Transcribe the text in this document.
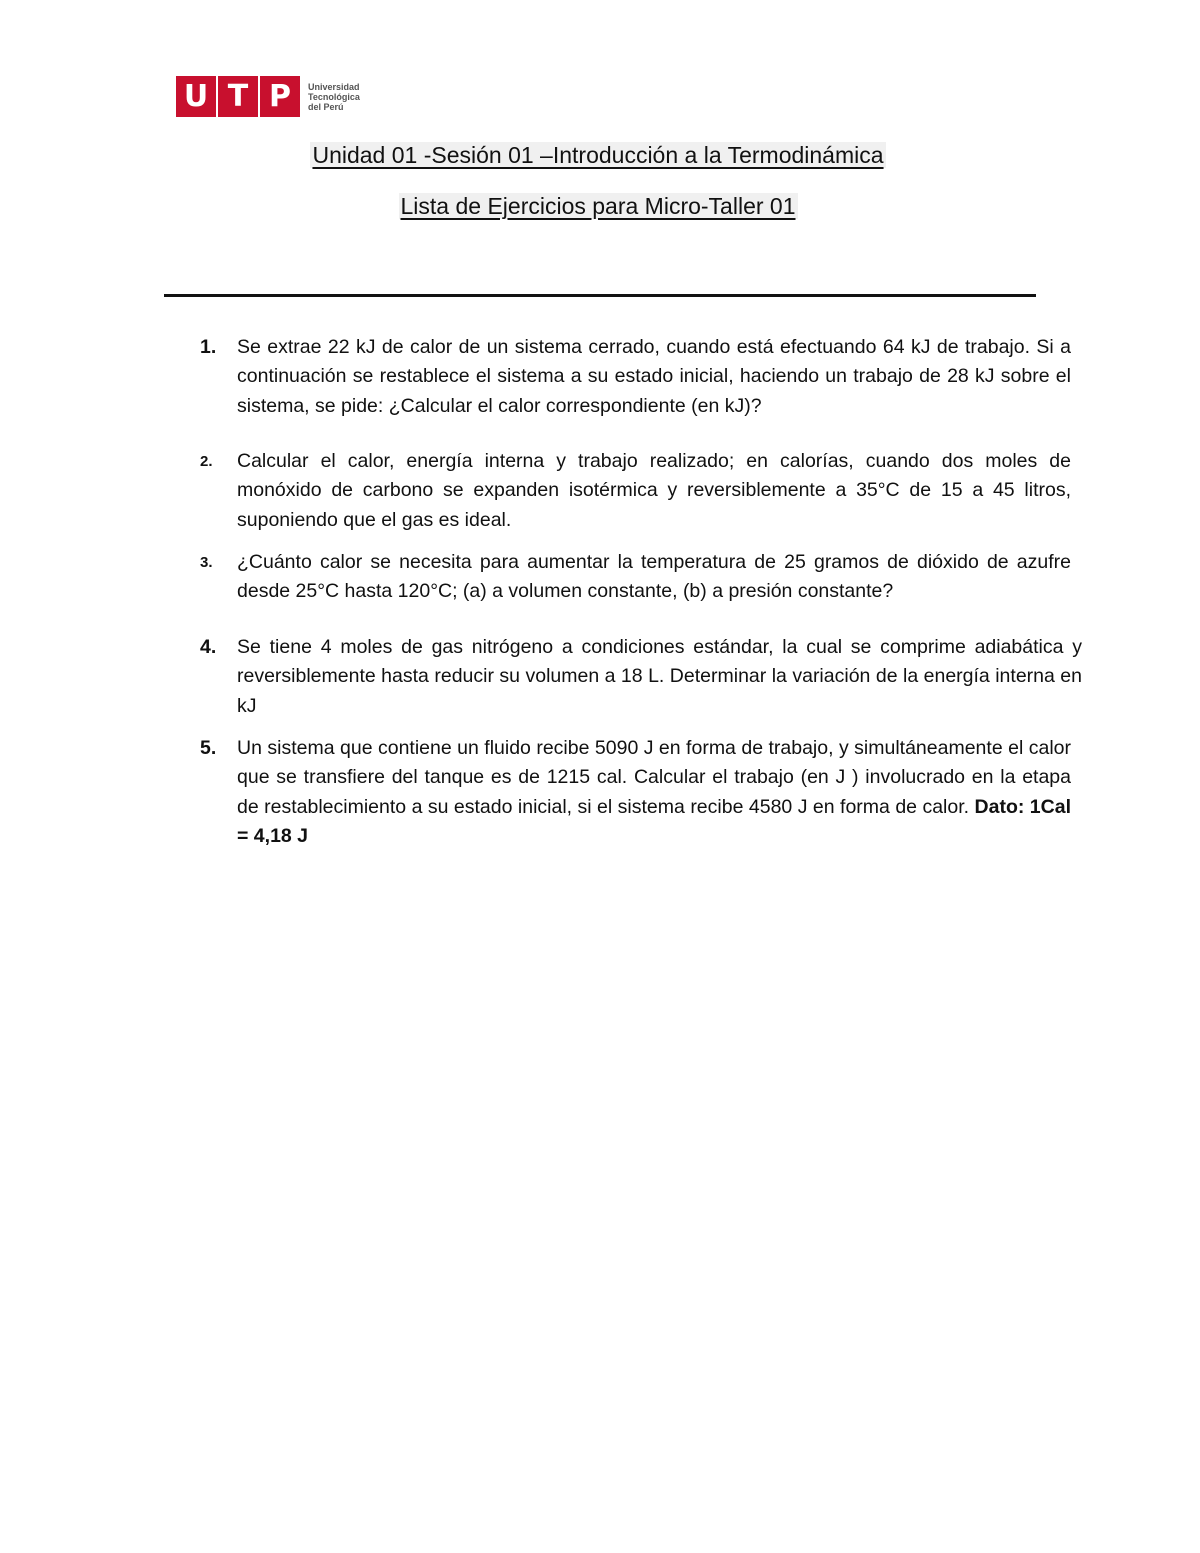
U T P	Universidad
Tecnológica
del Perú
Unidad 01 -Sesión 01 –Introducción a la Termodinámica
Lista de Ejercicios para Micro-Taller 01
1.	Se extrae 22 kJ de calor de un sistema cerrado, cuando está efectuando 64 kJ de trabajo. Si a continuación se restablece el sistema a su estado inicial, haciendo un trabajo de 28 kJ sobre el sistema, se pide: ¿Calcular el calor correspondiente (en kJ)?
2.	Calcular el calor, energía interna y trabajo realizado; en calorías, cuando dos moles de monóxido de carbono se expanden isotérmica y reversiblemente a 35°C de 15 a 45 litros, suponiendo que el gas es ideal.
3.	¿Cuánto calor se necesita para aumentar la temperatura de 25 gramos de dióxido de azufre desde 25°C hasta 120°C; (a) a volumen constante, (b) a presión constante?
4.	Se tiene 4 moles de gas nitrógeno a condiciones estándar, la cual se comprime adiabática y reversiblemente hasta reducir su volumen a 18 L. Determinar la variación de la energía interna en kJ
5.	Un sistema que contiene un fluido recibe 5090 J en forma de trabajo, y simultáneamente el calor que se transfiere del tanque es de 1215 cal. Calcular el trabajo (en J ) involucrado en la etapa de restablecimiento a su estado inicial, si el sistema recibe 4580 J en forma de calor. Dato: 1Cal = 4,18 J
